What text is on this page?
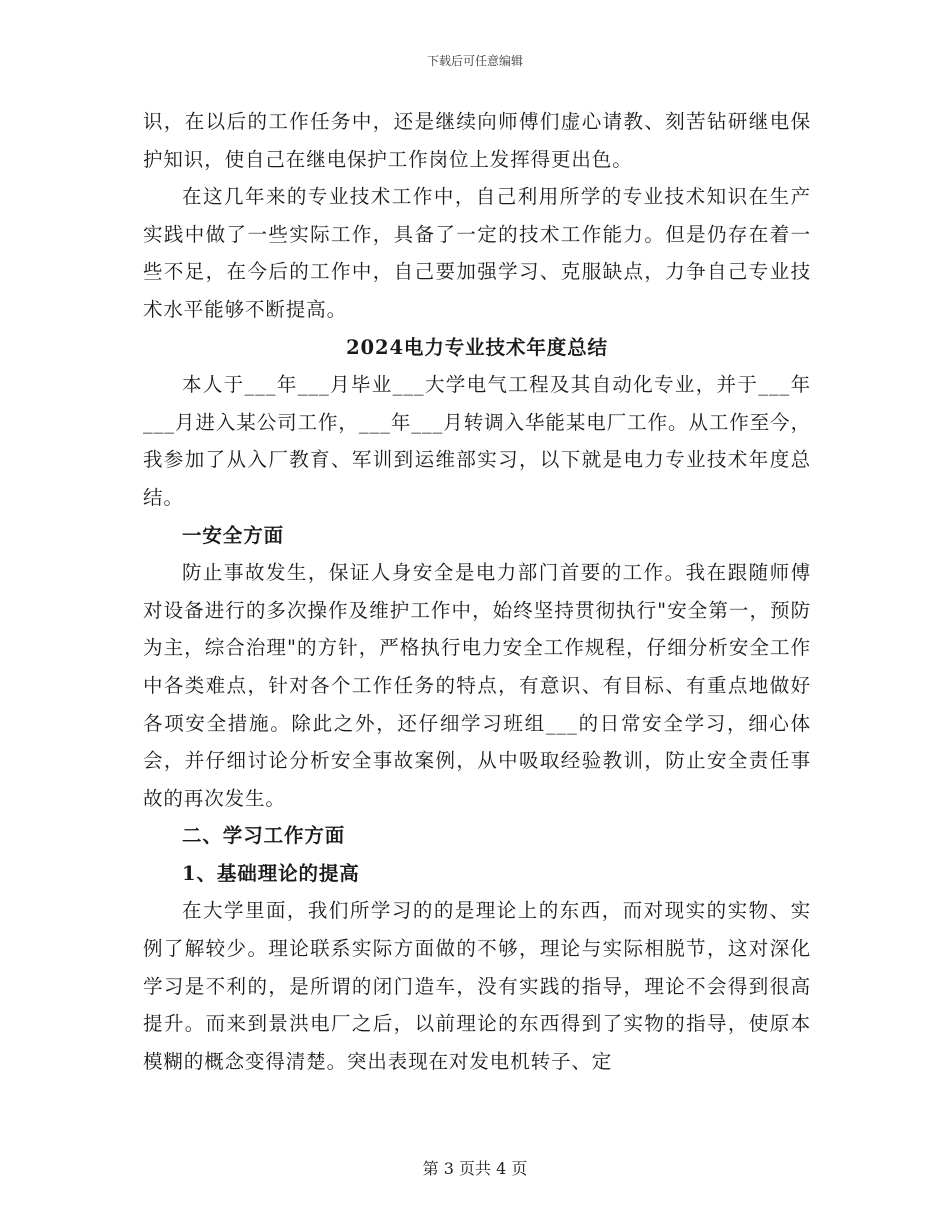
下载后可任意编辑

识，在以后的工作任务中，还是继续向师傅们虚心请教、刻苦钻研继电保护知识，使自己在继电保护工作岗位上发挥得更出色。

在这几年来的专业技术工作中，自己利用所学的专业技术知识在生产实践中做了一些实际工作，具备了一定的技术工作能力。但是仍存在着一些不足，在今后的工作中，自己要加强学习、克服缺点，力争自己专业技术水平能够不断提高。

2024电力专业技术年度总结

本人于___年___月毕业___大学电气工程及其自动化专业，并于___年___月进入某公司工作，___年___月转调入华能某电厂工作。从工作至今，我参加了从入厂教育、军训到运维部实习，以下就是电力专业技术年度总结。

一安全方面

防止事故发生，保证人身安全是电力部门首要的工作。我在跟随师傅对设备进行的多次操作及维护工作中，始终坚持贯彻执行"安全第一，预防为主，综合治理"的方针，严格执行电力安全工作规程，仔细分析安全工作中各类难点，针对各个工作任务的特点，有意识、有目标、有重点地做好各项安全措施。除此之外，还仔细学习班组___的日常安全学习，细心体会，并仔细讨论分析安全事故案例，从中吸取经验教训，防止安全责任事故的再次发生。

二、学习工作方面

1、基础理论的提高

在大学里面，我们所学习的的是理论上的东西，而对现实的实物、实例了解较少。理论联系实际方面做的不够，理论与实际相脱节，这对深化学习是不利的，是所谓的闭门造车，没有实践的指导，理论不会得到很高提升。而来到景洪电厂之后，以前理论的东西得到了实物的指导，使原本模糊的概念变得清楚。突出表现在对发电机转子、定

第 3 页共 4 页
